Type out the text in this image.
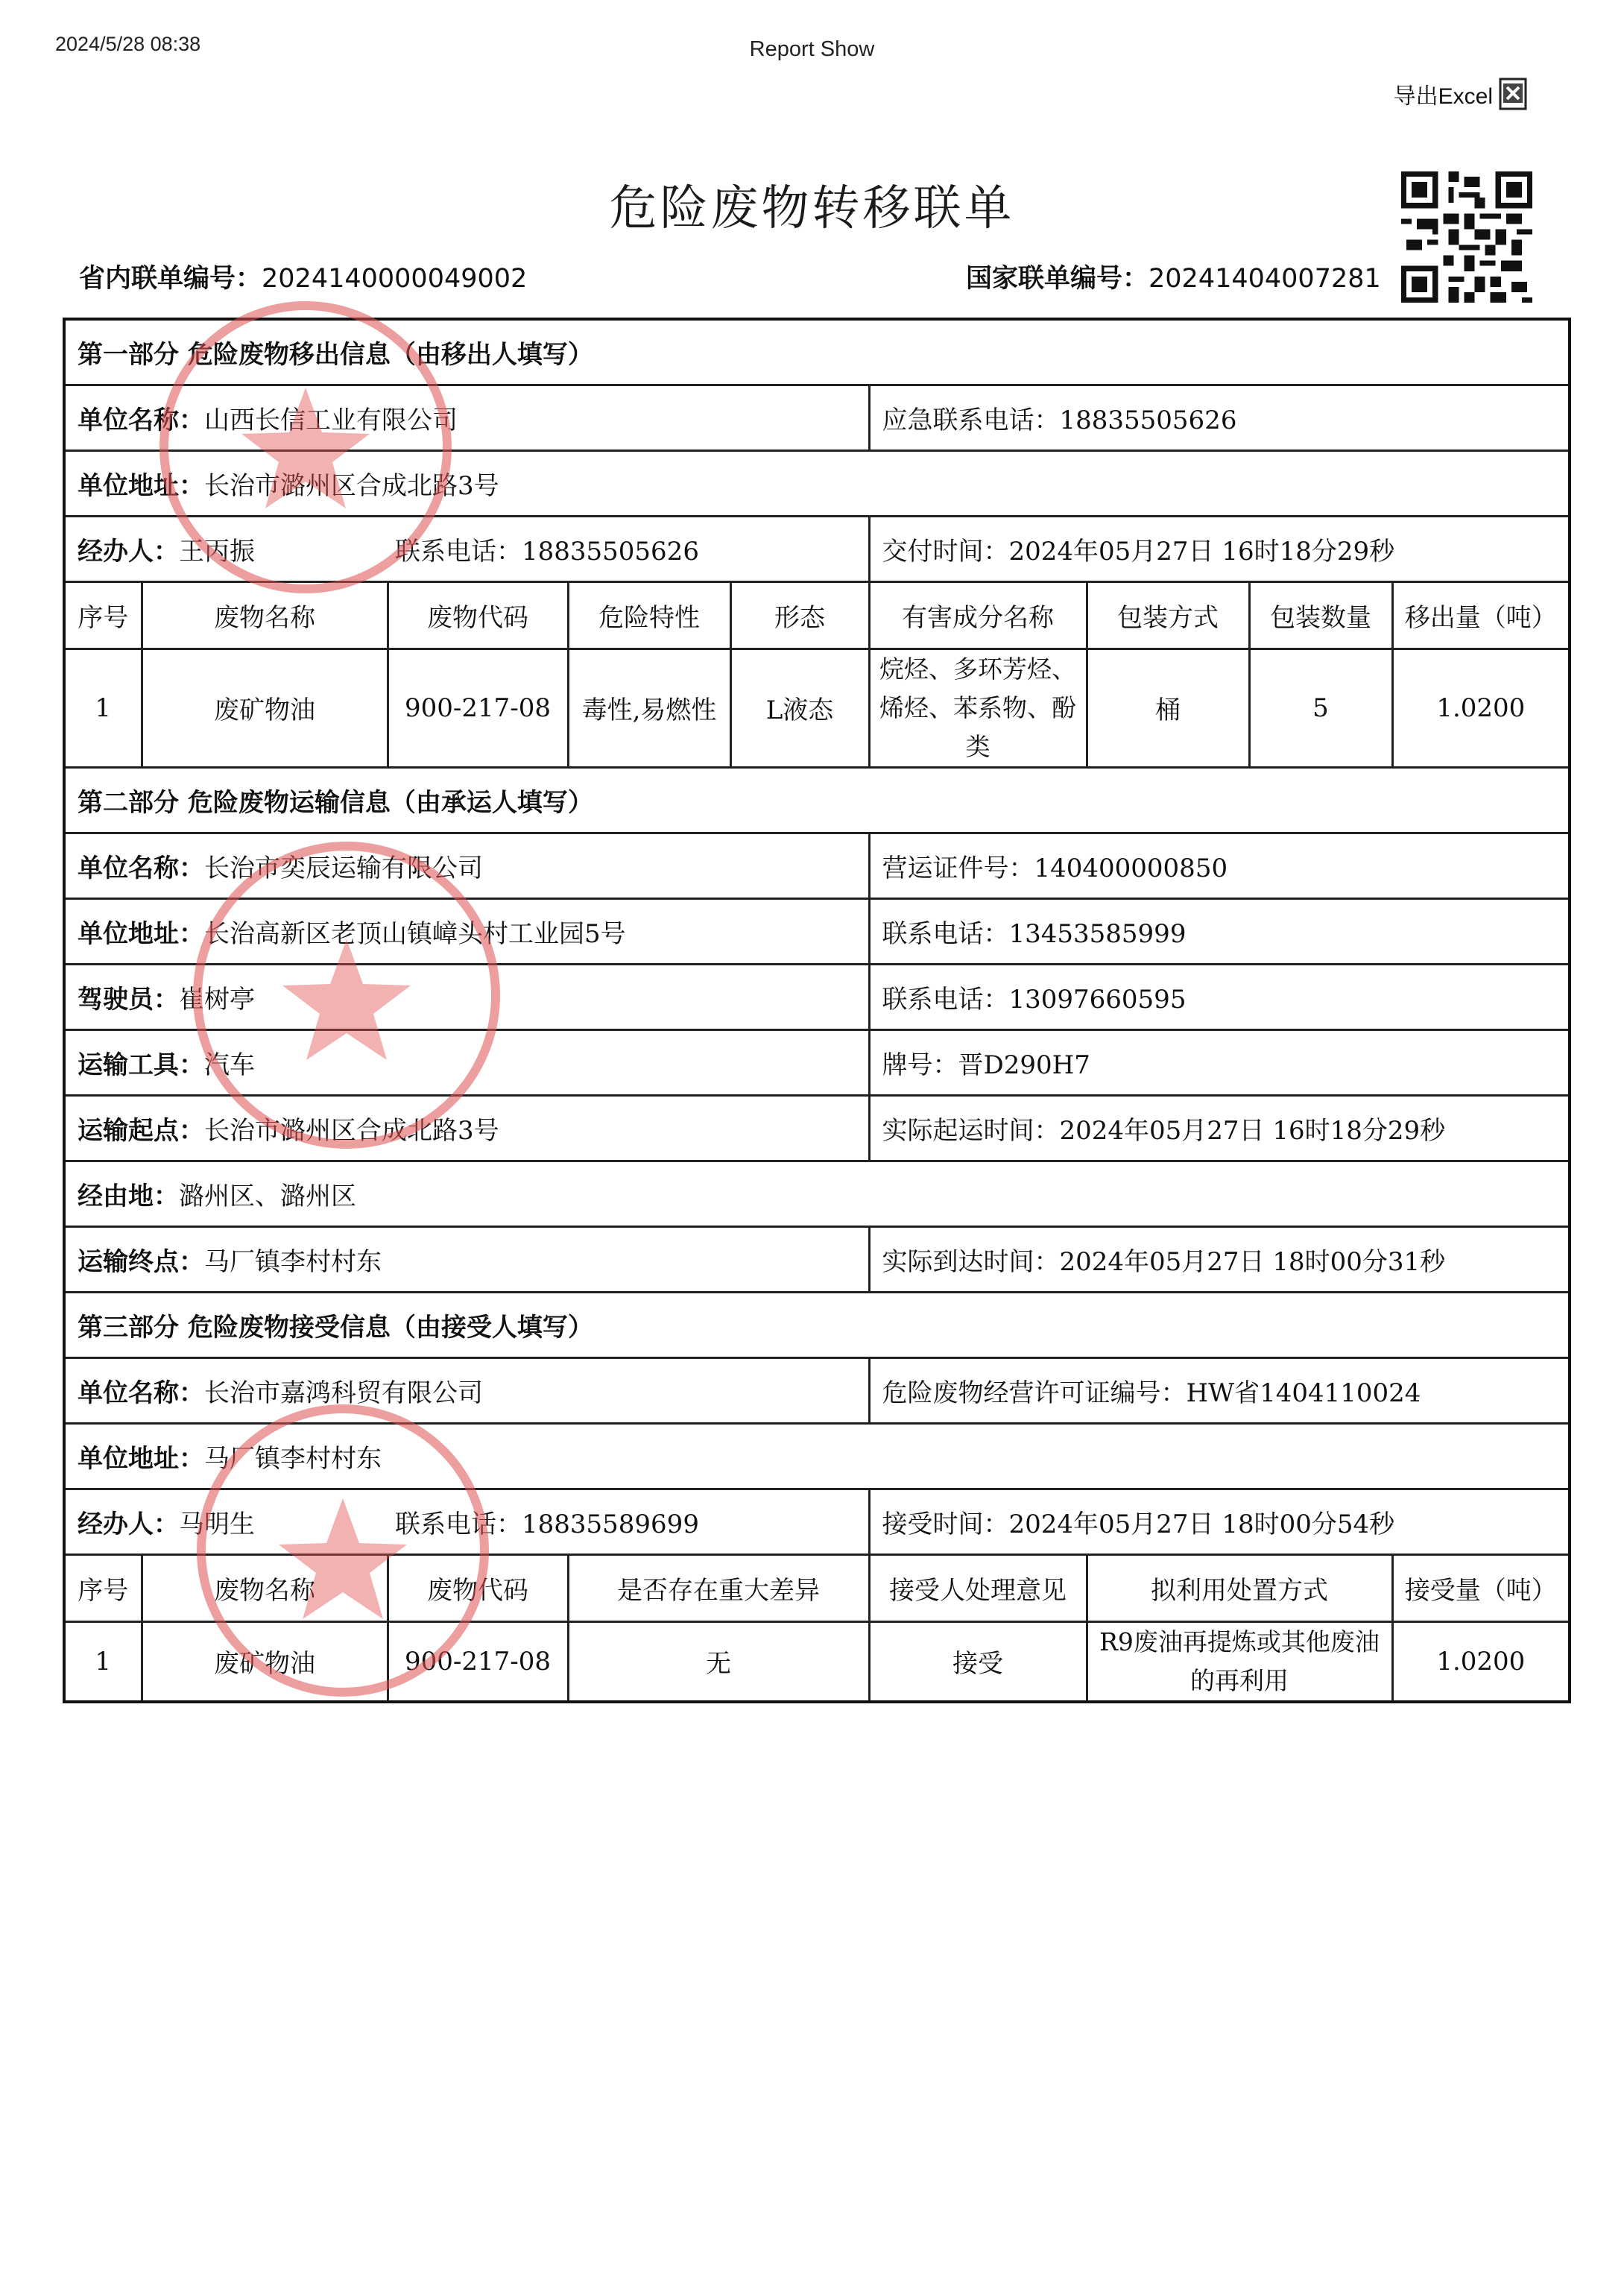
2024/5/28 08:38	Report Show
导出Excel
危险废物转移联单
省内联单编号：2024140000049002	国家联单编号：20241404007281
第一部分 危险废物移出信息（由移出人填写）								
单位名称：山西长信工业有限公司					应急联系电话：18835505626			
单位地址：长治市潞州区合成北路3号								
经办人：王丙振 联系电话：18835505626					交付时间：2024年05月27日 16时18分29秒			
序号	废物名称	废物代码	危险特性	形态	有害成分名称	包装方式	包装数量	移出量（吨）
1	废矿物油	900-217-08	毒性,易燃性	L液态	烷烃、多环芳烃、烯烃、苯系物、酚类	桶	5	1.0200
第二部分 危险废物运输信息（由承运人填写）								
单位名称：长治市奕辰运输有限公司					营运证件号：140400000850			
单位地址：长治高新区老顶山镇嶂头村工业园5号					联系电话：13453585999			
驾驶员：崔树亭					联系电话：13097660595			
运输工具：汽车					牌号：晋D290H7			
运输起点：长治市潞州区合成北路3号					实际起运时间：2024年05月27日 16时18分29秒			
经由地：潞州区、潞州区								
运输终点：马厂镇李村村东					实际到达时间：2024年05月27日 18时00分31秒			
第三部分 危险废物接受信息（由接受人填写）								
单位名称：长治市嘉鸿科贸有限公司					危险废物经营许可证编号：HW省1404110024			
单位地址：马厂镇李村村东								
经办人：马明生 联系电话：18835589699					接受时间：2024年05月27日 18时00分54秒			
序号	废物名称	废物代码	是否存在重大差异		接受人处理意见	拟利用处置方式		接受量（吨）
1	废矿物油	900-217-08	无		接受	R9废油再提炼或其他废油的再利用		1.0200
